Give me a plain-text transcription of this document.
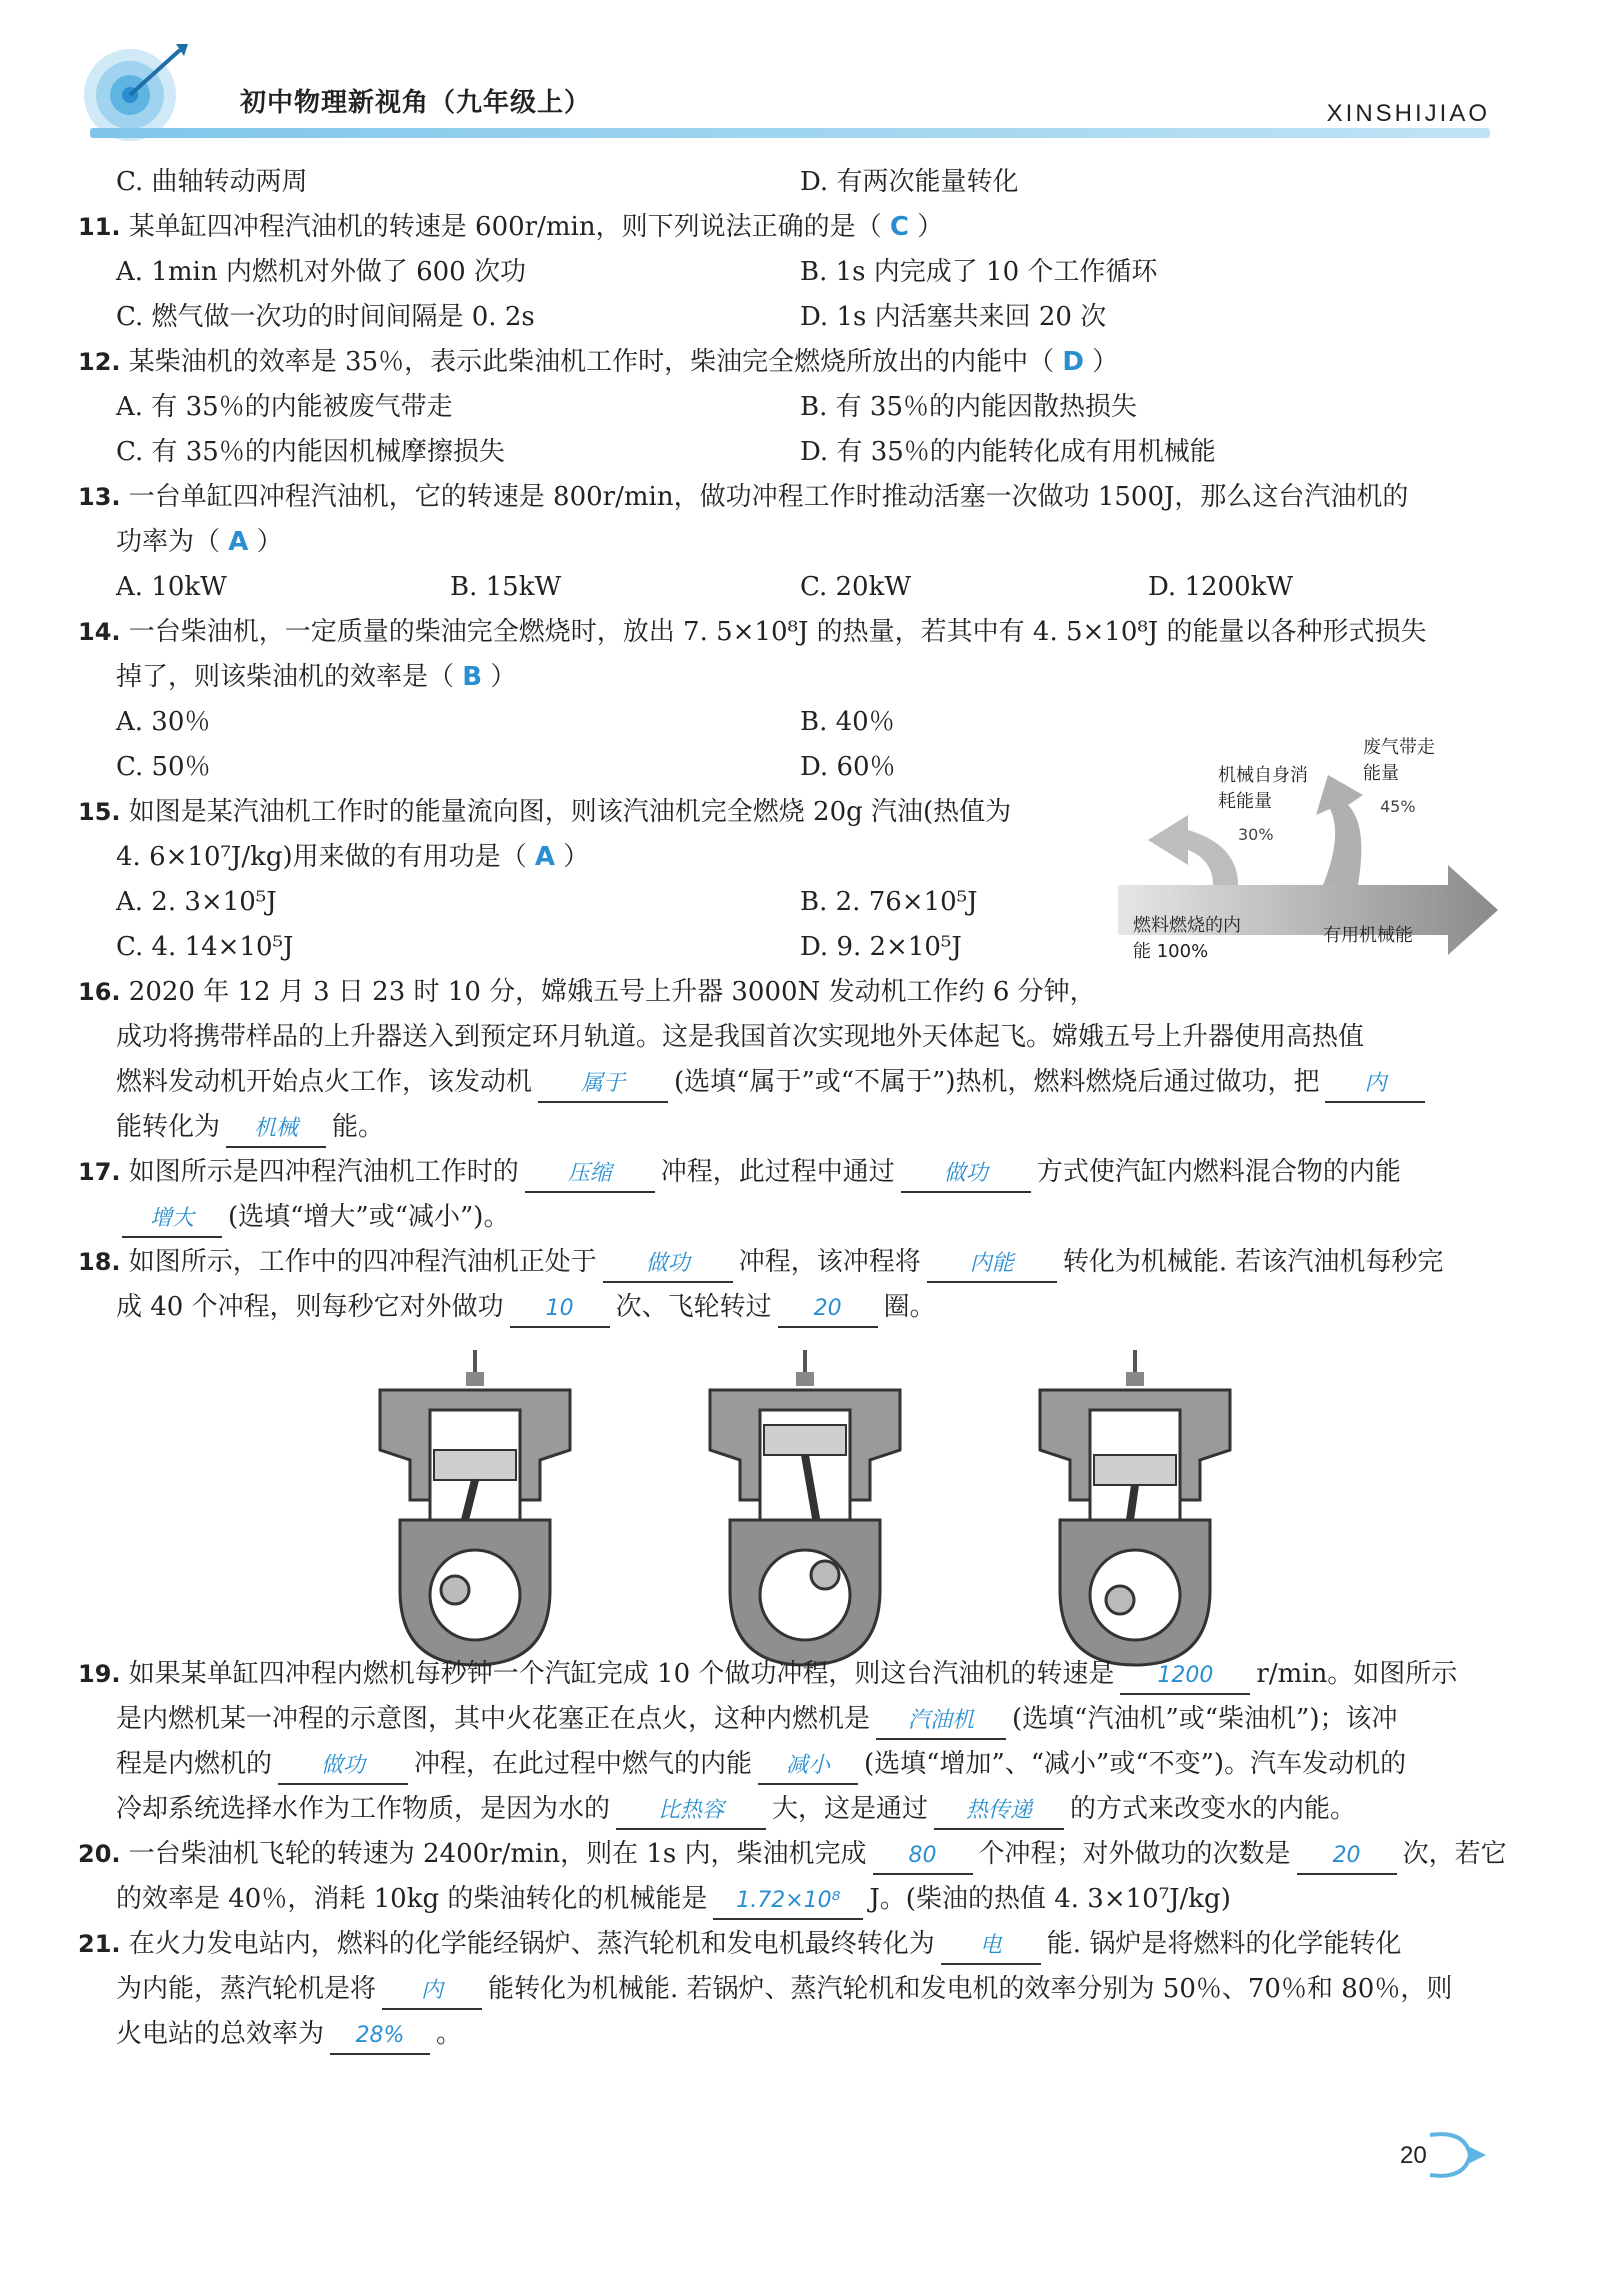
初中物理新视角（九年级上）	XINSHIJIAO
C. 曲轴转动两周	D. 有两次能量转化
11. 某单缸四冲程汽油机的转速是 600r/min，则下列说法正确的是（ C ）
A. 1min 内燃机对外做了 600 次功	B. 1s 内完成了 10 个工作循环
C. 燃气做一次功的时间间隔是 0. 2s	D. 1s 内活塞共来回 20 次
12. 某柴油机的效率是 35％，表示此柴油机工作时，柴油完全燃烧所放出的内能中（ D ）
A. 有 35％的内能被废气带走	B. 有 35％的内能因散热损失
C. 有 35％的内能因机械摩擦损失	D. 有 35％的内能转化成有用机械能
13. 一台单缸四冲程汽油机，它的转速是 800r/min，做功冲程工作时推动活塞一次做功 1500J，那么这台汽油机的
功率为（ A ）
A. 10kW	B. 15kW	C. 20kW	D. 1200kW
14. 一台柴油机，一定质量的柴油完全燃烧时，放出 7. 5×10⁸J 的热量，若其中有 4. 5×10⁸J 的能量以各种形式损失
掉了，则该柴油机的效率是（ B ）
A. 30％	B. 40％
C. 50％	D. 60％
15. 如图是某汽油机工作时的能量流向图，则该汽油机完全燃烧 20g 汽油(热值为
4. 6×10⁷J/kg)用来做的有用功是（ A ）
A. 2. 3×10⁵J	B. 2. 76×10⁵J
C. 4. 14×10⁵J	D. 9. 2×10⁵J
16. 2020 年 12 月 3 日 23 时 10 分，嫦娥五号上升器 3000N 发动机工作约 6 分钟，
成功将携带样品的上升器送入到预定环月轨道。这是我国首次实现地外天体起飞。嫦娥五号上升器使用高热值
燃料发动机开始点火工作，该发动机 属于 (选填“属于”或“不属于”)热机，燃料燃烧后通过做功，把 内
能转化为 机械 能。
17. 如图所示是四冲程汽油机工作时的 压缩 冲程，此过程中通过 做功 方式使汽缸内燃料混合物的内能
增大 (选填“增大”或“减小”)。
18. 如图所示，工作中的四冲程汽油机正处于 做功 冲程，该冲程将 内能 转化为机械能. 若该汽油机每秒完
成 40 个冲程，则每秒它对外做功 10 次、飞轮转过 20 圈。
机械自身消耗能量
30%
废气带走能量
45%
燃料燃烧的内能 100%
有用机械能
19. 如果某单缸四冲程内燃机每秒钟一个汽缸完成 10 个做功冲程，则这台汽油机的转速是 1200 r/min。如图所示
是内燃机某一冲程的示意图，其中火花塞正在点火，这种内燃机是 汽油机 (选填“汽油机”或“柴油机”)；该冲
程是内燃机的 做功 冲程，在此过程中燃气的内能 减小 (选填“增加”、“减小”或“不变”)。汽车发动机的
冷却系统选择水作为工作物质，是因为水的 比热容 大，这是通过 热传递 的方式来改变水的内能。
20. 一台柴油机飞轮的转速为 2400r/min，则在 1s 内，柴油机完成 80 个冲程；对外做功的次数是 20 次，若它
的效率是 40％，消耗 10kg 的柴油转化的机械能是 1.72×10⁸ J。(柴油的热值 4. 3×10⁷J/kg)
21. 在火力发电站内，燃料的化学能经锅炉、蒸汽轮机和发电机最终转化为 电 能. 锅炉是将燃料的化学能转化
为内能，蒸汽轮机是将 内 能转化为机械能. 若锅炉、蒸汽轮机和发电机的效率分别为 50％、70％和 80％，则
火电站的总效率为 28% 。
20
